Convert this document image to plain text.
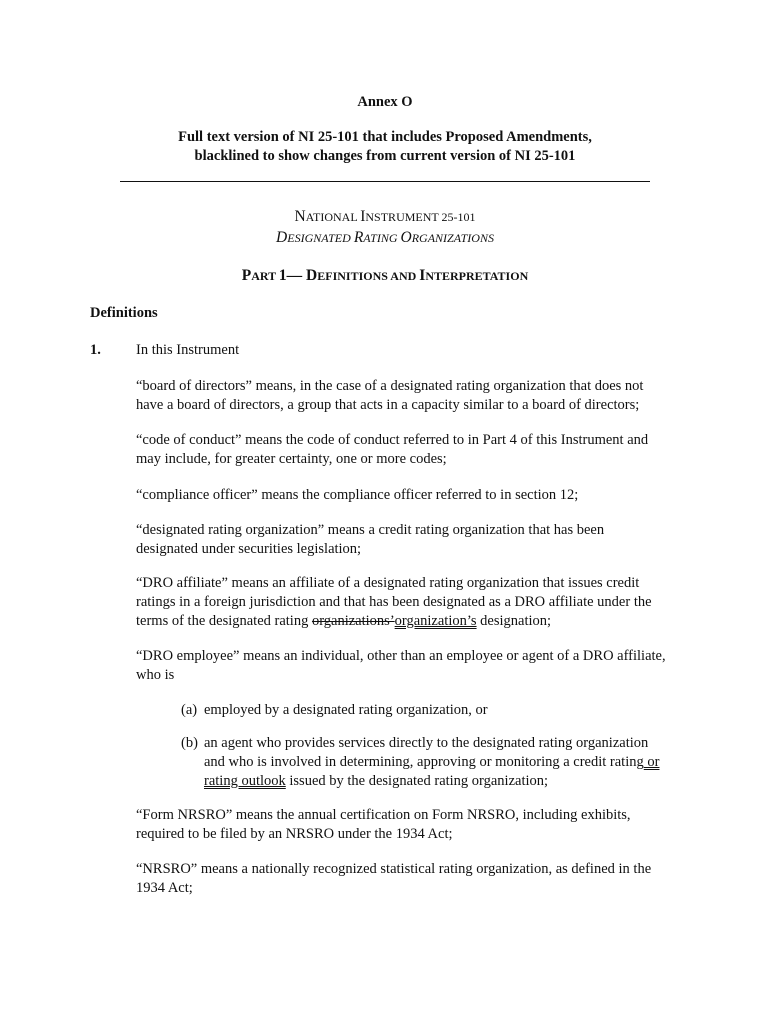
Annex O
Full text version of NI 25-101 that includes Proposed Amendments,
blacklined to show changes from current version of NI 25-101
NATIONAL INSTRUMENT 25-101
DESIGNATED RATING ORGANIZATIONS
PART 1— DEFINITIONS AND INTERPRETATION
Definitions
1. In this Instrument
“board of directors” means, in the case of a designated rating organization that does not
have a board of directors, a group that acts in a capacity similar to a board of directors;
“code of conduct” means the code of conduct referred to in Part 4 of this Instrument and
may include, for greater certainty, one or more codes;
“compliance officer” means the compliance officer referred to in section 12;
“designated rating organization” means a credit rating organization that has been
designated under securities legislation;
“DRO affiliate” means an affiliate of a designated rating organization that issues credit
ratings in a foreign jurisdiction and that has been designated as a DRO affiliate under the
terms of the designated rating organizations’organization’s designation;
“DRO employee” means an individual, other than an employee or agent of a DRO affiliate,
who is
(a) employed by a designated rating organization, or
(b) an agent who provides services directly to the designated rating organization
and who is involved in determining, approving or monitoring a credit rating or
rating outlook issued by the designated rating organization;
“Form NRSRO” means the annual certification on Form NRSRO, including exhibits,
required to be filed by an NRSRO under the 1934 Act;
“NRSRO” means a nationally recognized statistical rating organization, as defined in the
1934 Act;
